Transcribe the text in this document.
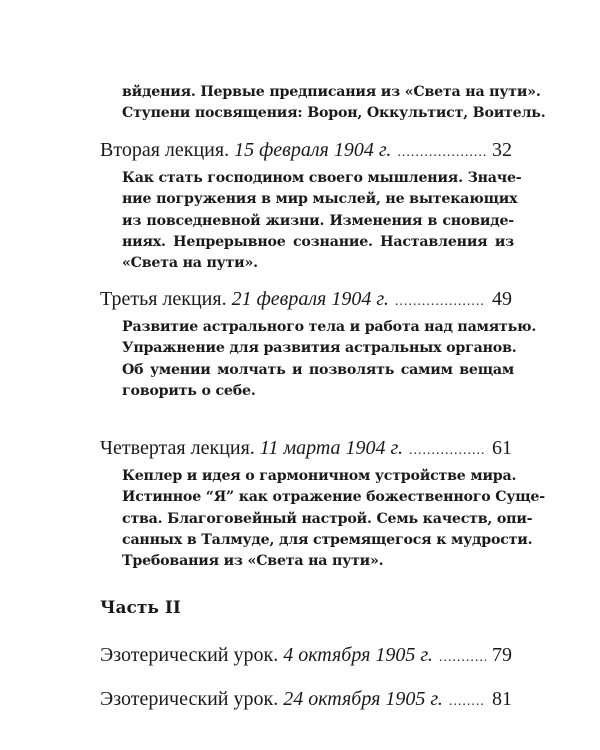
вйдения. Первые предписания из «Света на пути».
Ступени посвящения: Ворон, Оккультист, Воитель.
Вторая лекция. 15 февраля 1904 г. .....	32
Как стать господином своего мышления. Значе-
ние погружения в мир мыслей, не вытекающих
из повседневной жизни. Изменения в сновиде-
ниях. Непрерывное сознание. Наставления из
«Света на пути».
Третья лекция. 21 февраля 1904 г. .....	49
Развитие астрального тела и работа над памятью.
Упражнение для развития астральных органов.
Об умении молчать и позволять самим вещам
говорить о себе.
Четвертая лекция. 11 марта 1904 г. .....	61
Кеплер и идея о гармоничном устройстве мира.
Истинное “Я” как отражение божественного Суще-
ства. Благоговейный настрой. Семь качеств, опи-
санных в Талмуде, для стремящегося к мудрости.
Требования из «Света на пути».
Часть II
Эзотерический урок. 4 октября 1905 г. .....	79
Эзотерический урок. 24 октября 1905 г. ..... 81
